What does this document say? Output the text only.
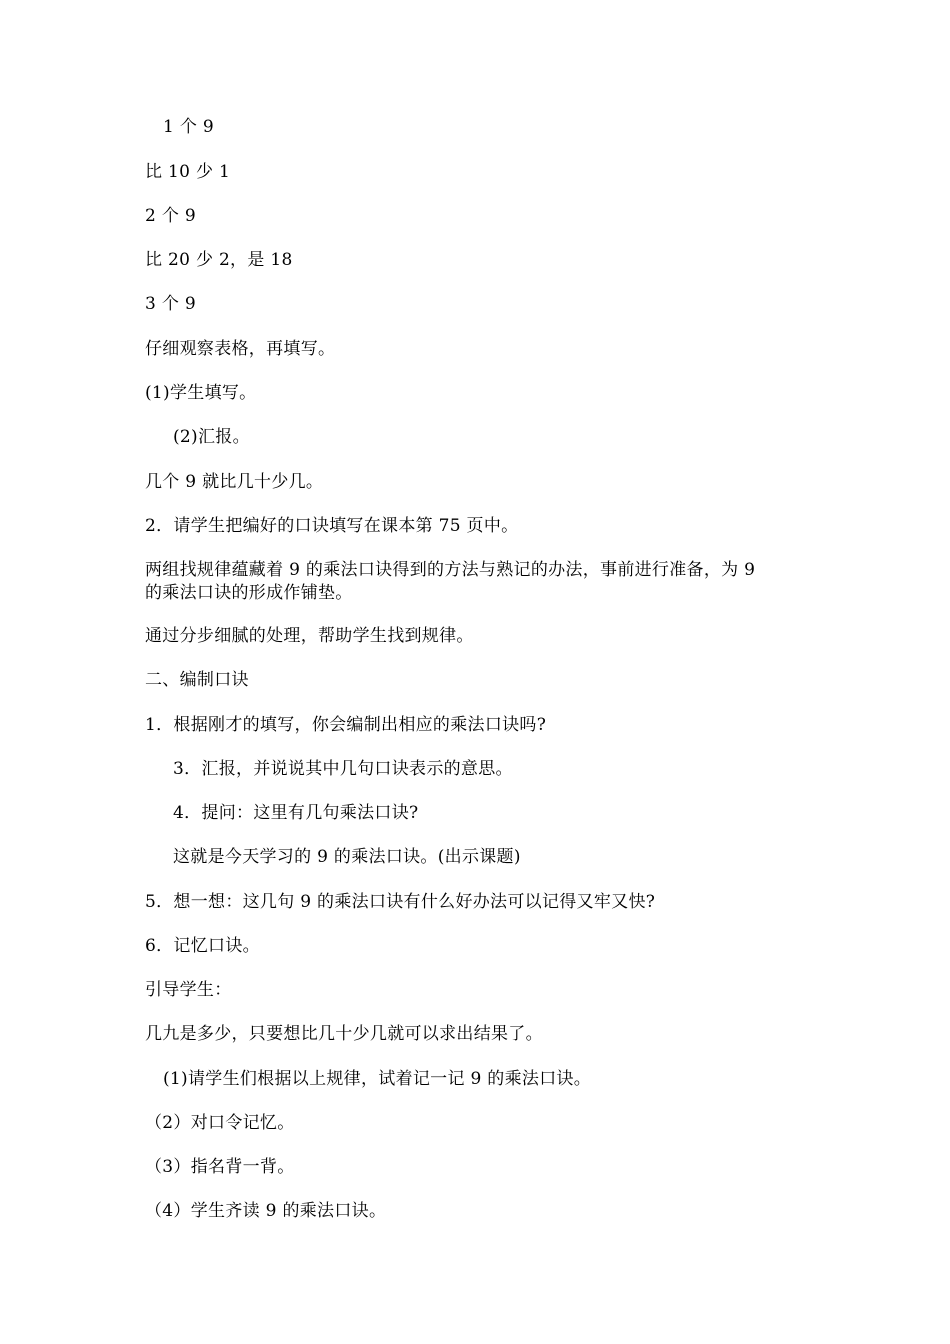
1 个 9
比 10 少 1
2 个 9
比 20 少 2，是 18
3 个 9
仔细观察表格，再填写。
(1)学生填写。
(2)汇报。
几个 9 就比几十少几。
2．请学生把编好的口诀填写在课本第 75 页中。
两组找规律蕴藏着 9 的乘法口诀得到的方法与熟记的办法，事前进行准备，为 9
的乘法口诀的形成作铺垫。
通过分步细腻的处理，帮助学生找到规律。
二、编制口诀
1．根据刚才的填写，你会编制出相应的乘法口诀吗?
3．汇报，并说说其中几句口诀表示的意思。
4．提问：这里有几句乘法口诀?
这就是今天学习的 9 的乘法口诀。(出示课题)
5．想一想：这几句 9 的乘法口诀有什么好办法可以记得又牢又快?
6．记忆口诀。
引导学生：
几九是多少，只要想比几十少几就可以求出结果了。
(1)请学生们根据以上规律，试着记一记 9 的乘法口诀。
（2）对口令记忆。
（3）指名背一背。
（4）学生齐读 9 的乘法口诀。
